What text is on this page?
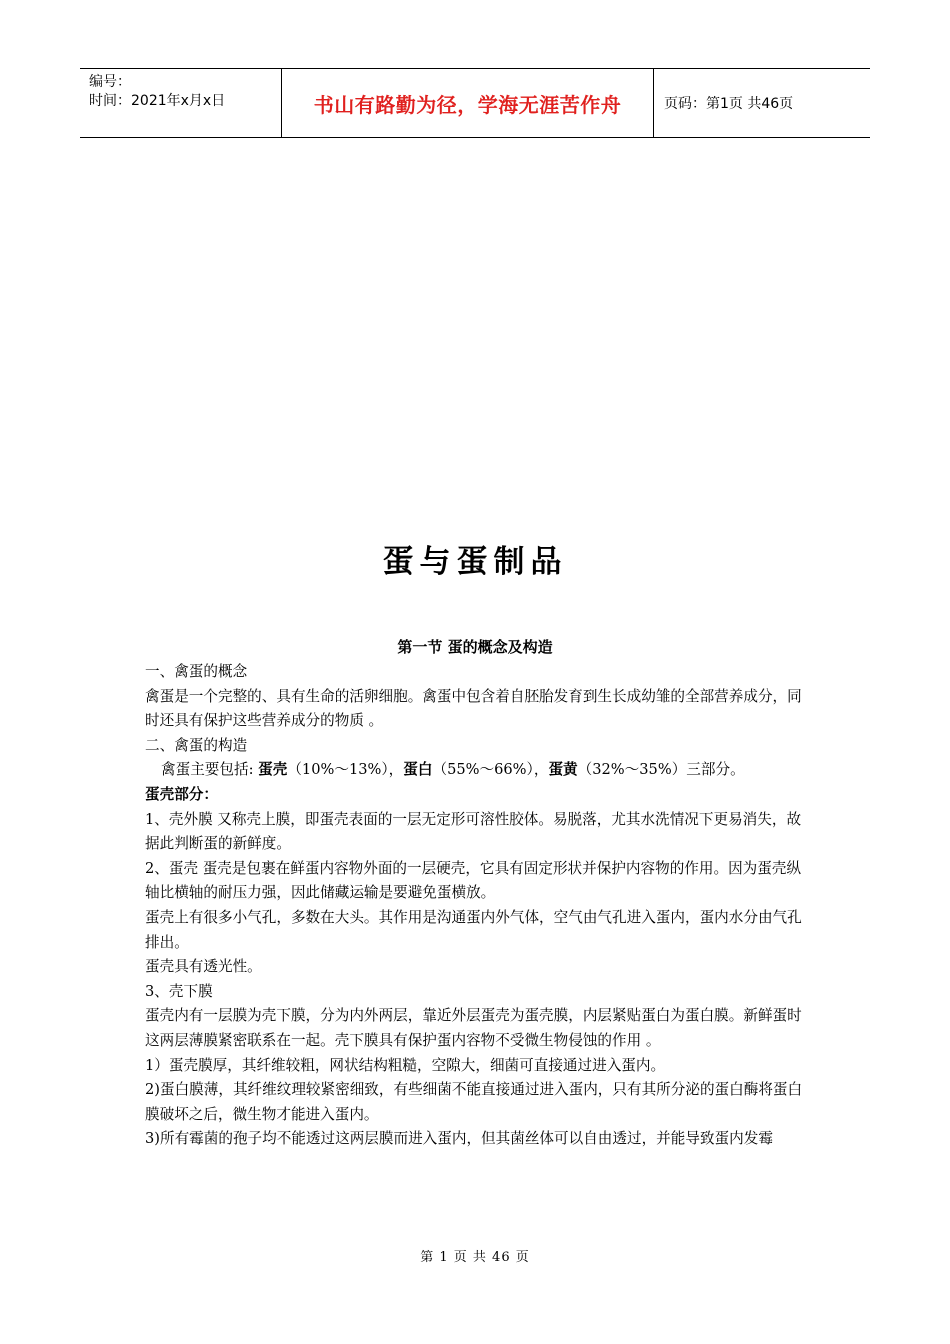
编号：
时间：2021年x月x日	书山有路勤为径，学海无涯苦作舟	页码：第1页 共46页
蛋与蛋制品
第一节 蛋的概念及构造

一、禽蛋的概念

禽蛋是一个完整的、具有生命的活卵细胞。禽蛋中包含着自胚胎发育到生长成幼雏的全部营养成分，同时还具有保护这些营养成分的物质 。

二、禽蛋的构造

禽蛋主要包括: 蛋壳（10%～13%），蛋白（55%～66%），蛋黄（32%～35%）三部分。

蛋壳部分：

1、壳外膜 又称壳上膜，即蛋壳表面的一层无定形可溶性胶体。易脱落，尤其水洗情况下更易消失，故据此判断蛋的新鲜度。

2、蛋壳 蛋壳是包裹在鲜蛋内容物外面的一层硬壳，它具有固定形状并保护内容物的作用。因为蛋壳纵轴比横轴的耐压力强，因此储藏运输是要避免蛋横放。

蛋壳上有很多小气孔，多数在大头。其作用是沟通蛋内外气体，空气由气孔进入蛋内，蛋内水分由气孔排出。

蛋壳具有透光性。

3、壳下膜

蛋壳内有一层膜为壳下膜，分为内外两层，靠近外层蛋壳为蛋壳膜，内层紧贴蛋白为蛋白膜。新鲜蛋时这两层薄膜紧密联系在一起。壳下膜具有保护蛋内容物不受微生物侵蚀的作用 。

1）蛋壳膜厚，其纤维较粗，网状结构粗糙，空隙大，细菌可直接通过进入蛋内。

2)蛋白膜薄，其纤维纹理较紧密细致，有些细菌不能直接通过进入蛋内，只有其所分泌的蛋白酶将蛋白膜破坏之后，微生物才能进入蛋内。

3)所有霉菌的孢子均不能透过这两层膜而进入蛋内，但其菌丝体可以自由透过，并能导致蛋内发霉

第 1 页 共 46 页
